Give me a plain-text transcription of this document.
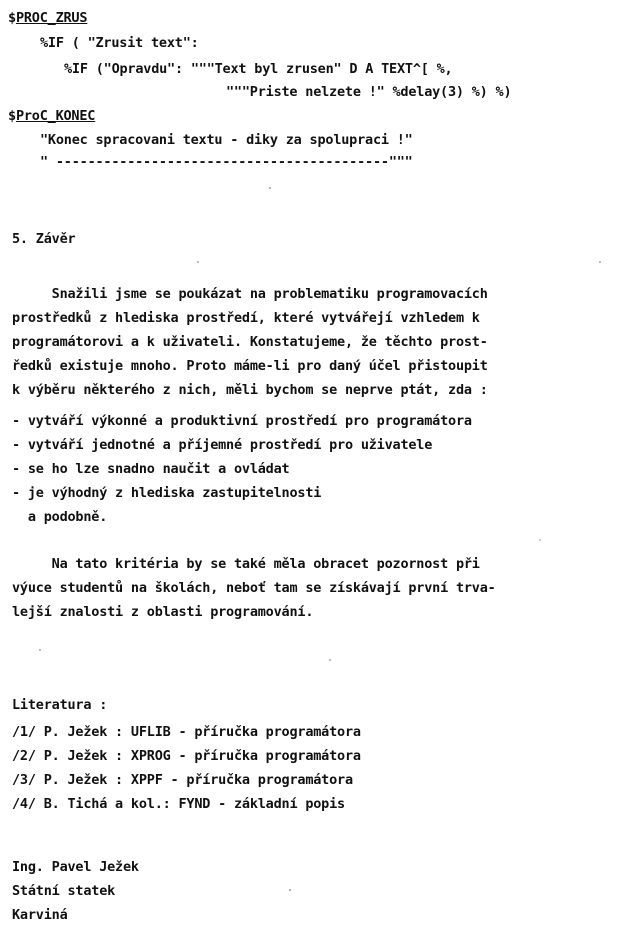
$PROC_ZRUS
%IF ( "Zrusit text":
%IF ("Opravdu": """Text byl zrusen" D A TEXT^[ %,
"""Priste nelzete !" %delay(3) %) %)
$ProC_KONEC
"Konec spracovani textu - diky za spolupraci !"
" ------------------------------------------"""
5. Závěr
Snažili jsme se poukázat na problematiku programovacích
prostředků z hlediska prostředí, které vytvářejí vzhledem k
programátorovi a k uživateli. Konstatujeme, že těchto prost-
ředků existuje mnoho. Proto máme-li pro daný účel přistoupit
k výběru některého z nich, měli bychom se neprve ptát, zda :
- vytváří výkonné a produktivní prostředí pro programátora
- vytváří jednotné a příjemné prostředí pro uživatele
- se ho lze snadno naučit a ovládat
- je výhodný z hlediska zastupitelnosti
a podobně.
Na tato kritéria by se také měla obracet pozornost při
výuce studentů na školách, neboť tam se získávají první trva-
lejší znalosti z oblasti programování.
Literatura :
/1/ P. Ježek : UFLIB - příručka programátora
/2/ P. Ježek : XPROG - příručka programátora
/3/ P. Ježek : XPPF - příručka programátora
/4/ B. Tichá a kol.: FYND - základní popis
Ing. Pavel Ježek
Státní statek
Karviná
